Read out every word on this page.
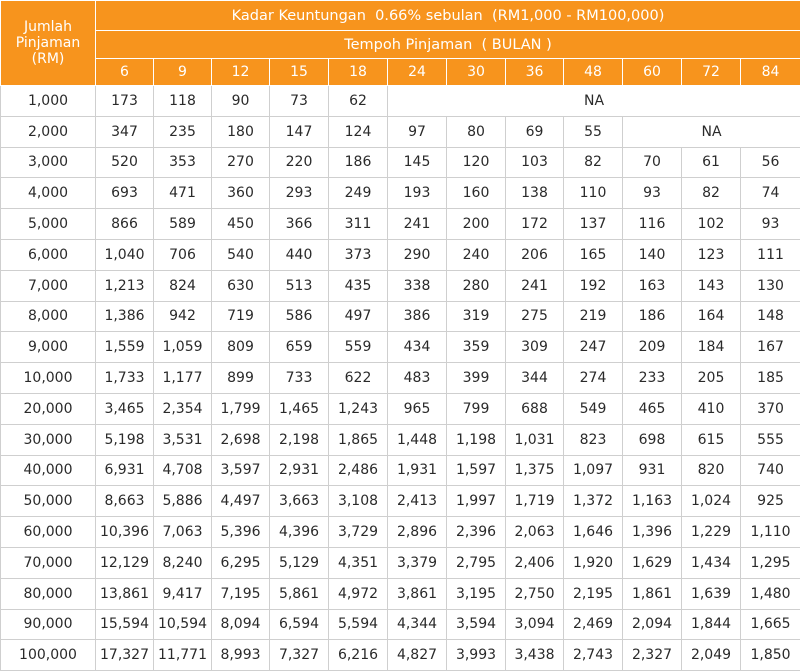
Jumlah
Pinjaman
(RM)	Kadar Keuntungan  0.66% sebulan  (RM1,000 - RM100,000)											
	Tempoh Pinjaman  ( BULAN )											
	6	9	12	15	18	24	30	36	48	60	72	84
1,000	173	118	90	73	62	NA						
2,000	347	235	180	147	124	97	80	69	55	NA		
3,000	520	353	270	220	186	145	120	103	82	70	61	56
4,000	693	471	360	293	249	193	160	138	110	93	82	74
5,000	866	589	450	366	311	241	200	172	137	116	102	93
6,000	1,040	706	540	440	373	290	240	206	165	140	123	111
7,000	1,213	824	630	513	435	338	280	241	192	163	143	130
8,000	1,386	942	719	586	497	386	319	275	219	186	164	148
9,000	1,559	1,059	809	659	559	434	359	309	247	209	184	167
10,000	1,733	1,177	899	733	622	483	399	344	274	233	205	185
20,000	3,465	2,354	1,799	1,465	1,243	965	799	688	549	465	410	370
30,000	5,198	3,531	2,698	2,198	1,865	1,448	1,198	1,031	823	698	615	555
40,000	6,931	4,708	3,597	2,931	2,486	1,931	1,597	1,375	1,097	931	820	740
50,000	8,663	5,886	4,497	3,663	3,108	2,413	1,997	1,719	1,372	1,163	1,024	925
60,000	10,396	7,063	5,396	4,396	3,729	2,896	2,396	2,063	1,646	1,396	1,229	1,110
70,000	12,129	8,240	6,295	5,129	4,351	3,379	2,795	2,406	1,920	1,629	1,434	1,295
80,000	13,861	9,417	7,195	5,861	4,972	3,861	3,195	2,750	2,195	1,861	1,639	1,480
90,000	15,594	10,594	8,094	6,594	5,594	4,344	3,594	3,094	2,469	2,094	1,844	1,665
100,000	17,327	11,771	8,993	7,327	6,216	4,827	3,993	3,438	2,743	2,327	2,049	1,850
